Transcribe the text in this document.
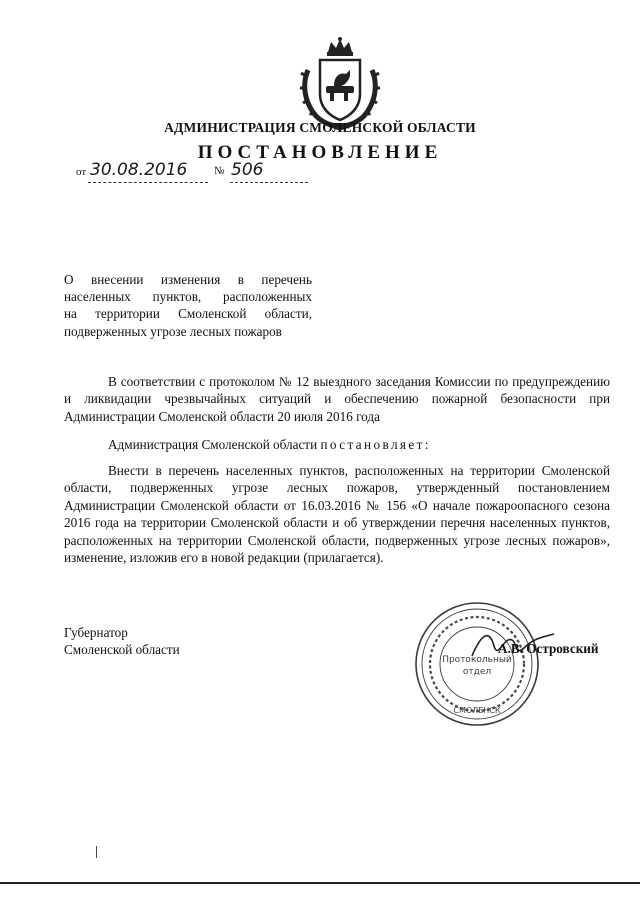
АДМИНИСТРАЦИЯ СМОЛЕНСКОЙ ОБЛАСТИ
ПОСТАНОВЛЕНИЕ
от 30.08.2016 № 506
О внесении изменения в перечень
населенных пунктов, расположенных
на территории Смоленской области,
подверженных угрозе лесных пожаров
В соответствии с протоколом № 12 выездного заседания Комиссии по предупреждению и ликвидации чрезвычайных ситуаций и обеспечению пожарной безопасности при Администрации Смоленской области 20 июля 2016 года
Администрация Смоленской области постановляет:
Внести в перечень населенных пунктов, расположенных на территории Смоленской области, подверженных угрозе лесных пожаров, утвержденный постановлением Администрации Смоленской области от 16.03.2016 № 156 «О начале пожароопасного сезона 2016 года на территории Смоленской области и об утверждении перечня населенных пунктов, расположенных на территории Смоленской области, подверженных угрозе лесных пожаров», изменение, изложив его в новой редакции (прилагается).
Губернатор
Смоленской области
СМОЛЕНСК
Протокольный
отдел
А.В. Островский
